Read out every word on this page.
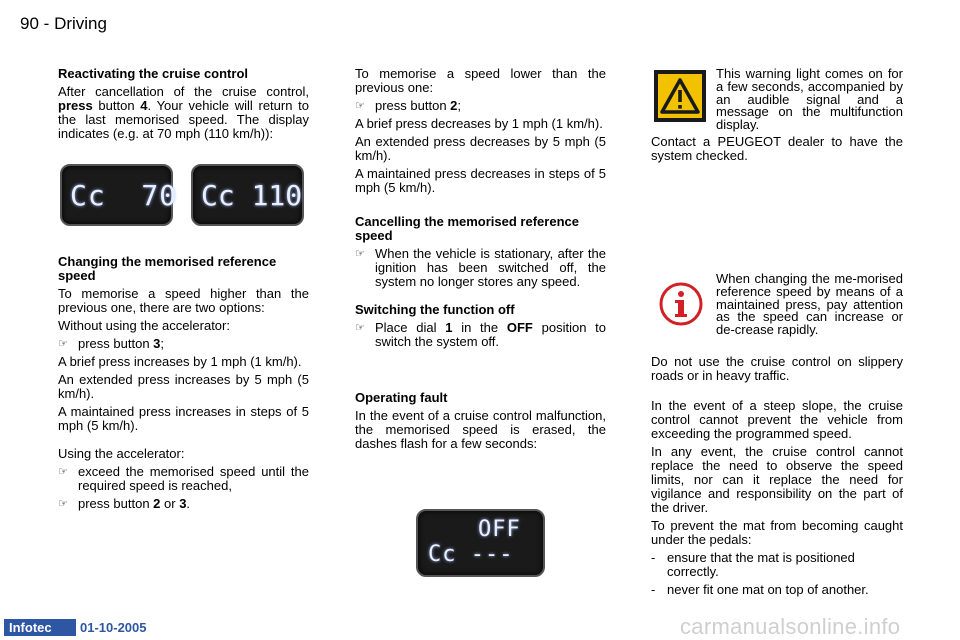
90 - Driving

Reactivating the cruise control

After cancellation of the cruise control, press button 4. Your vehicle will return to the last memorised speed. The display indicates (e.g. at 70 mph (110 km/h)):

Cc  70 Cc 110

Changing the memorised reference speed

To memorise a speed higher than the previous one, there are two options:

Without using the accelerator:

☞ press button 3;

A brief press increases by 1 mph (1 km/h).

An extended press increases by 5 mph (5 km/h).

A maintained press increases in steps of 5 mph (5 km/h).

Using the accelerator:

☞ exceed the memorised speed until the required speed is reached,

☞ press button 2 or 3.

To memorise a speed lower than the previous one:

☞ press button 2;

A brief press decreases by 1 mph (1 km/h).

An extended press decreases by 5 mph (5 km/h).

A maintained press decreases in steps of 5 mph (5 km/h).

Cancelling the memorised reference speed

☞ When the vehicle is stationary, after the ignition has been switched off, the system no longer stores any speed.

Switching the function off

☞ Place dial 1 in the OFF position to switch the system off.

Operating fault

In the event of a cruise control malfunction, the memorised speed is erased, the dashes flash for a few seconds:

OFF
Cc ---
This warning light comes on for a few seconds, accompanied by an audible signal and a message on the multifunction display.

Contact a PEUGEOT dealer to have the system checked.

When changing the me-morised reference speed by means of a maintained press, pay attention as the speed can increase or de-crease rapidly.

Do not use the cruise control on slippery roads or in heavy traffic.

In the event of a steep slope, the cruise control cannot prevent the vehicle from exceeding the programmed speed.

In any event, the cruise control cannot replace the need to observe the speed limits, nor can it replace the need for vigilance and responsibility on the part of the driver.

To prevent the mat from becoming caught under the pedals:

- ensure that the mat is positioned correctly.

- never fit one mat on top of another.

Infotec	01-10-2005	carmanualsonline.info
